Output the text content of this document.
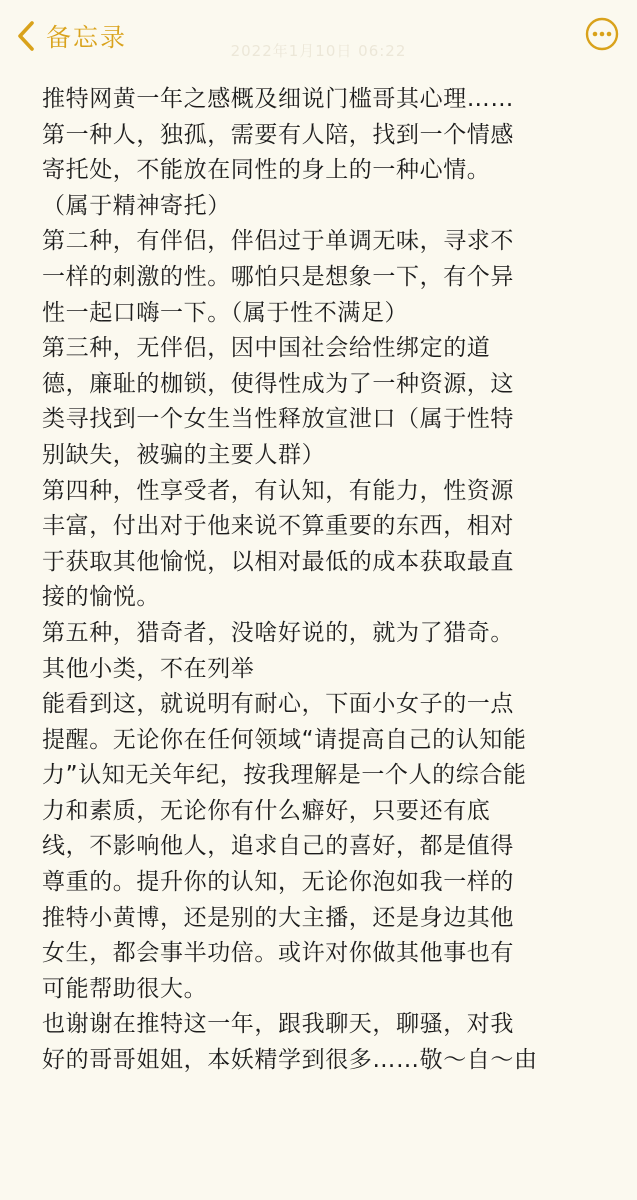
备忘录	2022年1月10日 06:22
推特网黄一年之感概及细说门槛哥其心理……
第一种人，独孤，需要有人陪，找到一个情感
寄托处，不能放在同性的身上的一种心情。
（属于精神寄托）
第二种，有伴侣，伴侣过于单调无味，寻求不
一样的刺激的性。哪怕只是想象一下，有个异
性一起口嗨一下。（属于性不满足）
第三种，无伴侣，因中国社会给性绑定的道
德，廉耻的枷锁，使得性成为了一种资源，这
类寻找到一个女生当性释放宣泄口（属于性特
别缺失，被骗的主要人群）
第四种，性享受者，有认知，有能力，性资源
丰富，付出对于他来说不算重要的东西，相对
于获取其他愉悦，以相对最低的成本获取最直
接的愉悦。
第五种，猎奇者，没啥好说的，就为了猎奇。
其他小类，不在列举
能看到这，就说明有耐心，下面小女子的一点
提醒。无论你在任何领域“请提高自己的认知能
力”认知无关年纪，按我理解是一个人的综合能
力和素质，无论你有什么癖好，只要还有底
线，不影响他人，追求自己的喜好，都是值得
尊重的。提升你的认知，无论你泡如我一样的
推特小黄博，还是别的大主播，还是身边其他
女生，都会事半功倍。或许对你做其他事也有
可能帮助很大。
也谢谢在推特这一年，跟我聊天，聊骚，对我
好的哥哥姐姐，本妖精学到很多……敬～自～由
